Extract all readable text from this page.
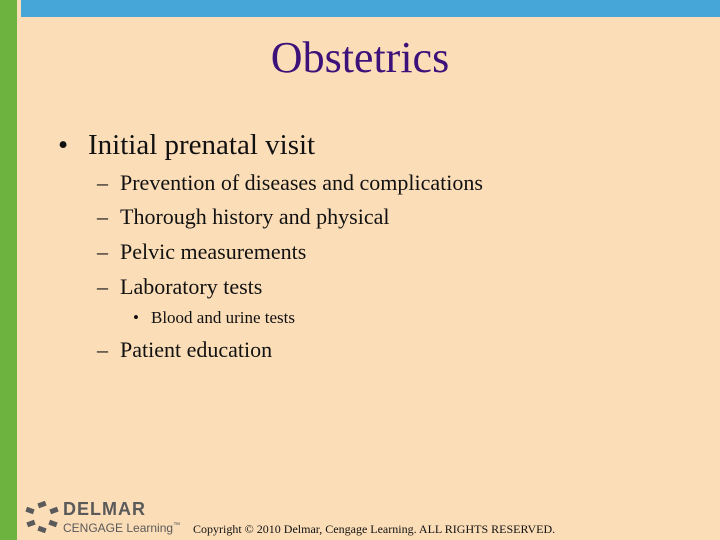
Obstetrics
• Initial prenatal visit
– Prevention of diseases and complications
– Thorough history and physical
– Pelvic measurements
– Laboratory tests
• Blood and urine tests
– Patient education
DELMAR
CENGAGE Learning™ Copyright © 2010 Delmar, Cengage Learning. ALL RIGHTS RESERVED.
